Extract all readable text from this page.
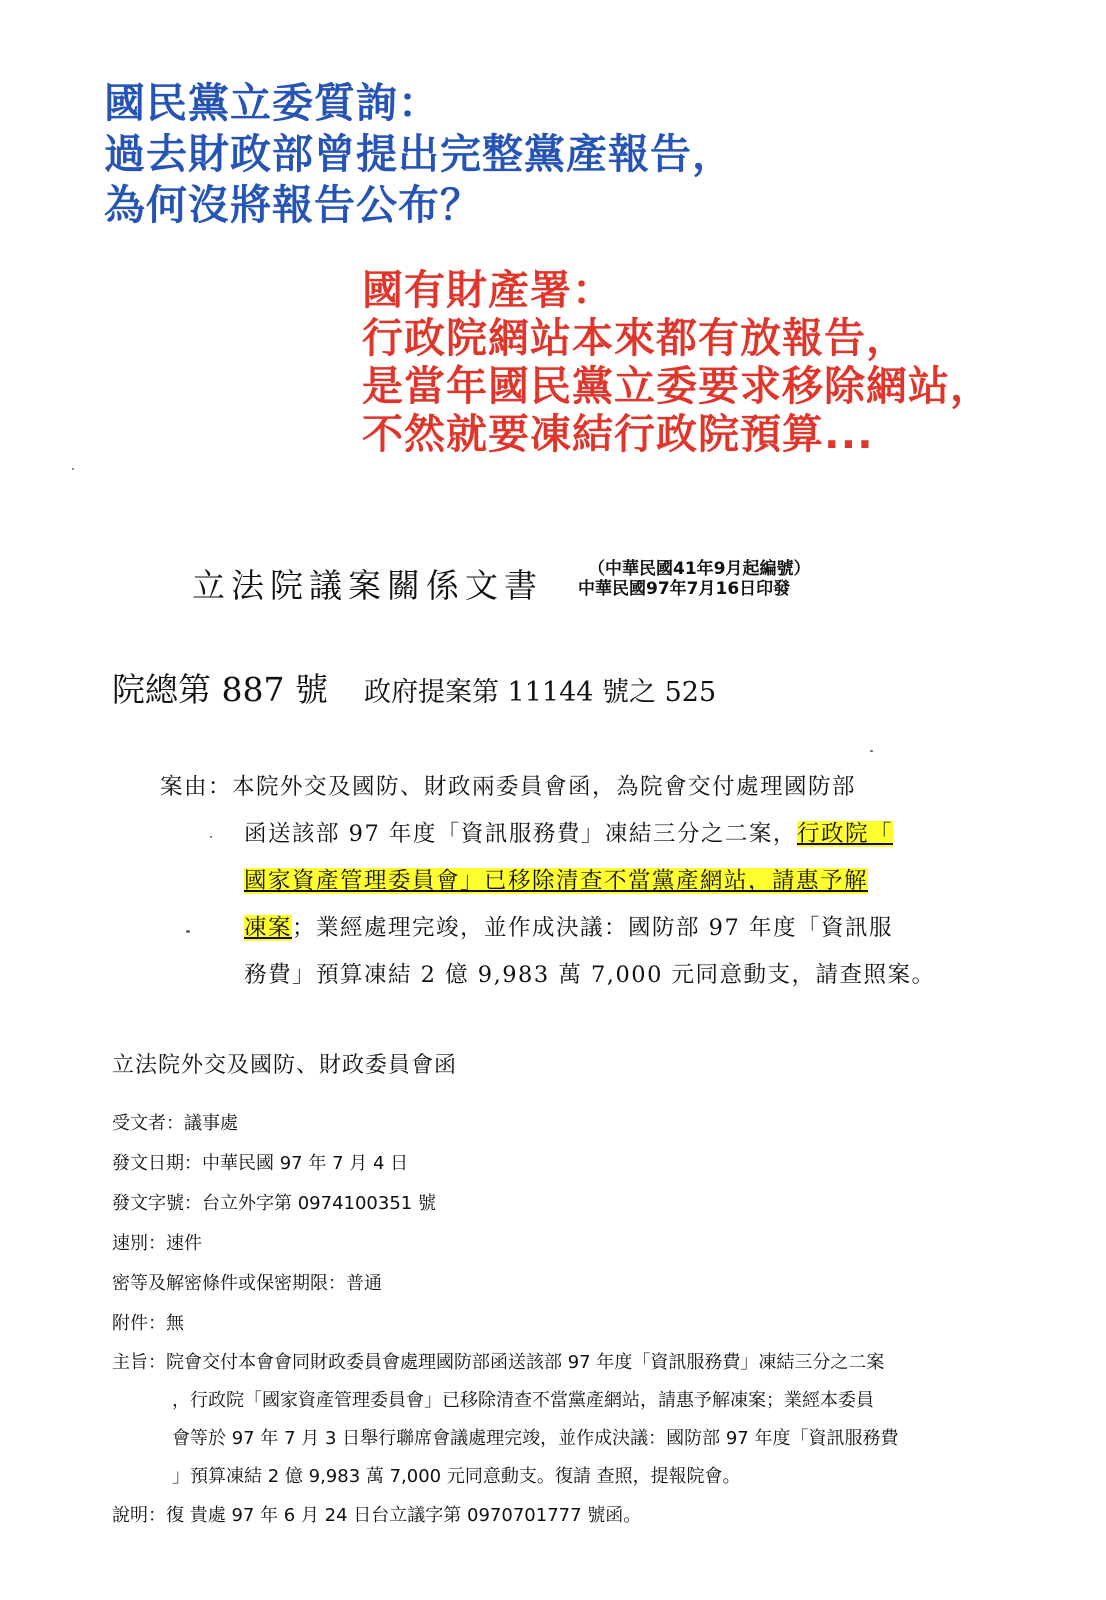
國民黨立委質詢：
過去財政部曾提出完整黨產報告，
為何沒將報告公布？
國有財產署：
行政院網站本來都有放報告，
是當年國民黨立委要求移除網站，
不然就要凍結行政院預算...
立法院議案關係文書	（中華民國41年9月起編號）
中華民國97年7月16日印發
院總第 887 號 政府提案第 11144 號之 525
案由：本院外交及國防、財政兩委員會函，為院會交付處理國防部
函送該部 97 年度「資訊服務費」凍結三分之二案，行政院「
國家資產管理委員會」已移除清查不當黨產網站，請惠予解
凍案；業經處理完竣，並作成決議：國防部 97 年度「資訊服
務費」預算凍結 2 億 9,983 萬 7,000 元同意動支，請查照案。
立法院外交及國防、財政委員會函
受文者：議事處
發文日期：中華民國 97 年 7 月 4 日
發文字號：台立外字第 0974100351 號
速別：速件
密等及解密條件或保密期限：普通
附件：無
主旨：院會交付本會會同財政委員會處理國防部函送該部 97 年度「資訊服務費」凍結三分之二案
，行政院「國家資產管理委員會」已移除清查不當黨產網站，請惠予解凍案；業經本委員
會等於 97 年 7 月 3 日舉行聯席會議處理完竣，並作成決議：國防部 97 年度「資訊服務費
」預算凍結 2 億 9,983 萬 7,000 元同意動支。復請 查照，提報院會。
說明：復 貴處 97 年 6 月 24 日台立議字第 0970701777 號函。
